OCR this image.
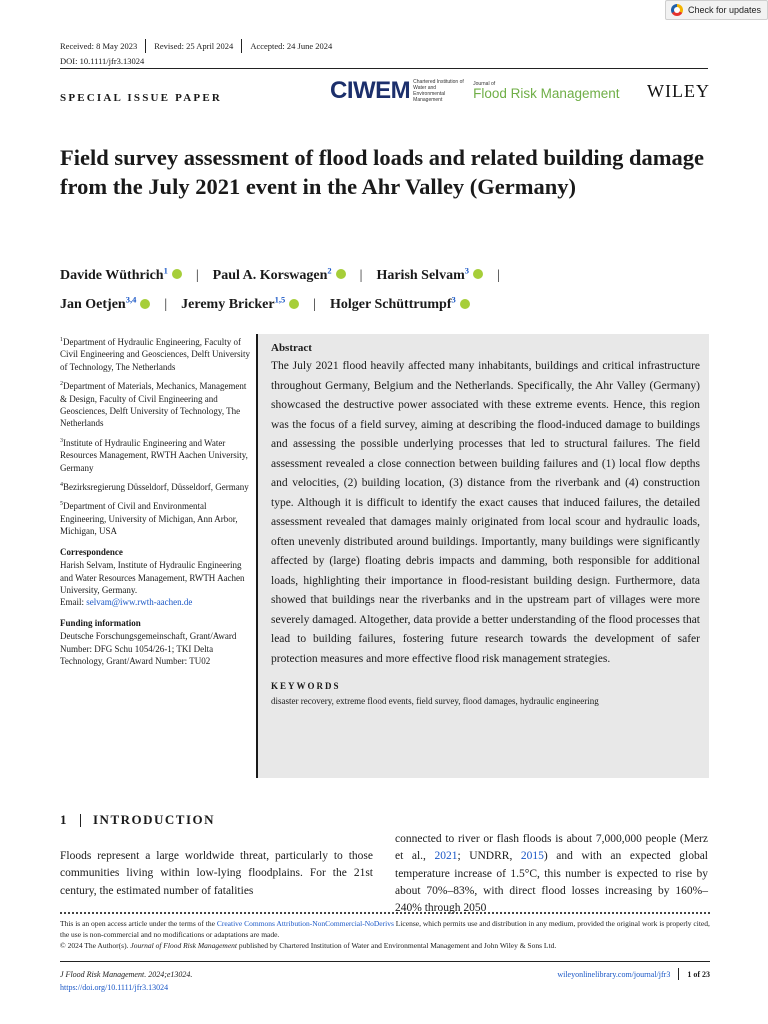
Check for updates
Received: 8 May 2023 Revised: 25 April 2024 Accepted: 24 June 2024
DOI: 10.1111/jfr3.13024
SPECIAL ISSUE PAPER	CIWEM Chartered Institution of Water and Environmental Management
Journal of
Flood Risk Management WILEY
Field survey assessment of flood loads and related building damage from the July 2021 event in the Ahr Valley (Germany)
Davide Wüthrich$^1$ iD | Paul A. Korswagen$^2$ iD | Harish Selvam$^3$ iD |
Jan Oetjen$^{3,4}$ iD | Jeremy Bricker$^{1,5}$ iD | Holger Schüttrumpf$^3$iD

$^1$Department of Hydraulic Engineering, Faculty of Civil Engineering and Geosciences, Delft University of Technology, The Netherlands

$^2$Department of Materials, Mechanics, Management & Design, Faculty of Civil Engineering and Geosciences, Delft University of Technology, The Netherlands

$^3$Institute of Hydraulic Engineering and Water Resources Management, RWTH Aachen University, Germany

$^4$Bezirksregierung Düsseldorf, Düsseldorf, Germany

$^5$Department of Civil and Environmental Engineering, University of Michigan, Ann Arbor, Michigan, USA

Correspondence

Harish Selvam, Institute of Hydraulic Engineering and Water Resources Management, RWTH Aachen University, Germany.
Email: selvam@iww.rwth-aachen.de

Funding information

Deutsche Forschungsgemeinschaft, Grant/Award Number: DFG Schu 1054/26-1; TKI Delta Technology, Grant/Award Number: TU02

Abstract

The July 2021 flood heavily affected many inhabitants, buildings and critical infrastructure throughout Germany, Belgium and the Netherlands. Specifically, the Ahr Valley (Germany) showcased the destructive power associated with these extreme events. Hence, this region was the focus of a field survey, aiming at describing the flood-induced damage to buildings and assessing the possible underlying processes that led to structural failures. The field assessment revealed a close connection between building failures and (1) local flow depths and velocities, (2) building location, (3) distance from the riverbank and (4) construction type. Although it is difficult to identify the exact causes that induced failures, the detailed assessment revealed that damages mainly originated from local scour and hydraulic loads, often unevenly distributed around buildings. Importantly, many buildings were significantly affected by (large) floating debris impacts and damming, both responsible for additional loads, highlighting their importance in flood-resistant building design. Furthermore, data showed that buildings near the riverbanks and in the upstream part of villages were more severely damaged. Altogether, data provide a better understanding of the flood processes that lead to building failures, fostering future research towards the development of safer protection measures and more effective flood risk management strategies.

KEYWORDS
disaster recovery, extreme flood events, field survey, flood damages, hydraulic engineering
1 INTRODUCTION

Floods represent a large worldwide threat, particularly to those communities living within low-lying floodplains. For the 21st century, the estimated number of fatalities

connected to river or flash floods is about 7,000,000 people (Merz et al., 2021; UNDRR, 2015) and with an expected global temperature increase of 1.5°C, this number is expected to rise by about 70%–83%, with direct flood losses increasing by 160%–240% through 2050

This is an open access article under the terms of the Creative Commons Attribution-NonCommercial-NoDerivs License, which permits use and distribution in any medium, provided the original work is properly cited, the use is non-commercial and no modifications or adaptations are made.
© 2024 The Author(s). Journal of Flood Risk Management published by Chartered Institution of Water and Environmental Management and John Wiley & Sons Ltd.
J Flood Risk Management. 2024;e13024.
https://doi.org/10.1111/jfr3.13024
wileyonlinelibrary.com/journal/jfr3 1 of 23
